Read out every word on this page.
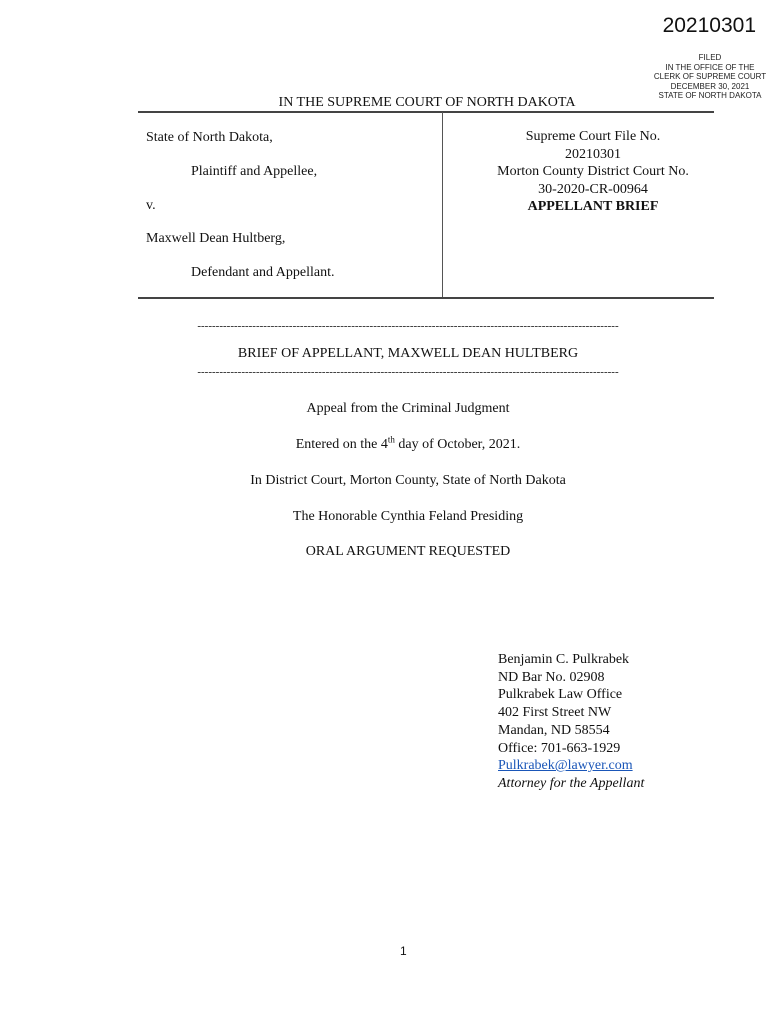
20210301
FILED
IN THE OFFICE OF THE
CLERK OF SUPREME COURT
DECEMBER 30, 2021
STATE OF NORTH DAKOTA
IN THE SUPREME COURT OF NORTH DAKOTA
State of North Dakota,
Plaintiff and Appellee,
v.
Maxwell Dean Hultberg,
Defendant and Appellant.
Supreme Court File No.
20210301
Morton County District Court No.
30-2020-CR-00964
APPELLANT BRIEF
-------------------------------------------------------------------------------------------------------------------
BRIEF OF APPELLANT, MAXWELL DEAN HULTBERG
-------------------------------------------------------------------------------------------------------------------
Appeal from the Criminal Judgment
Entered on the 4th day of October, 2021.
In District Court, Morton County, State of North Dakota
The Honorable Cynthia Feland Presiding
ORAL ARGUMENT REQUESTED
Benjamin C. Pulkrabek
ND Bar No. 02908
Pulkrabek Law Office
402 First Street NW
Mandan, ND 58554
Office: 701-663-1929
Pulkrabek@lawyer.com
Attorney for the Appellant
1
